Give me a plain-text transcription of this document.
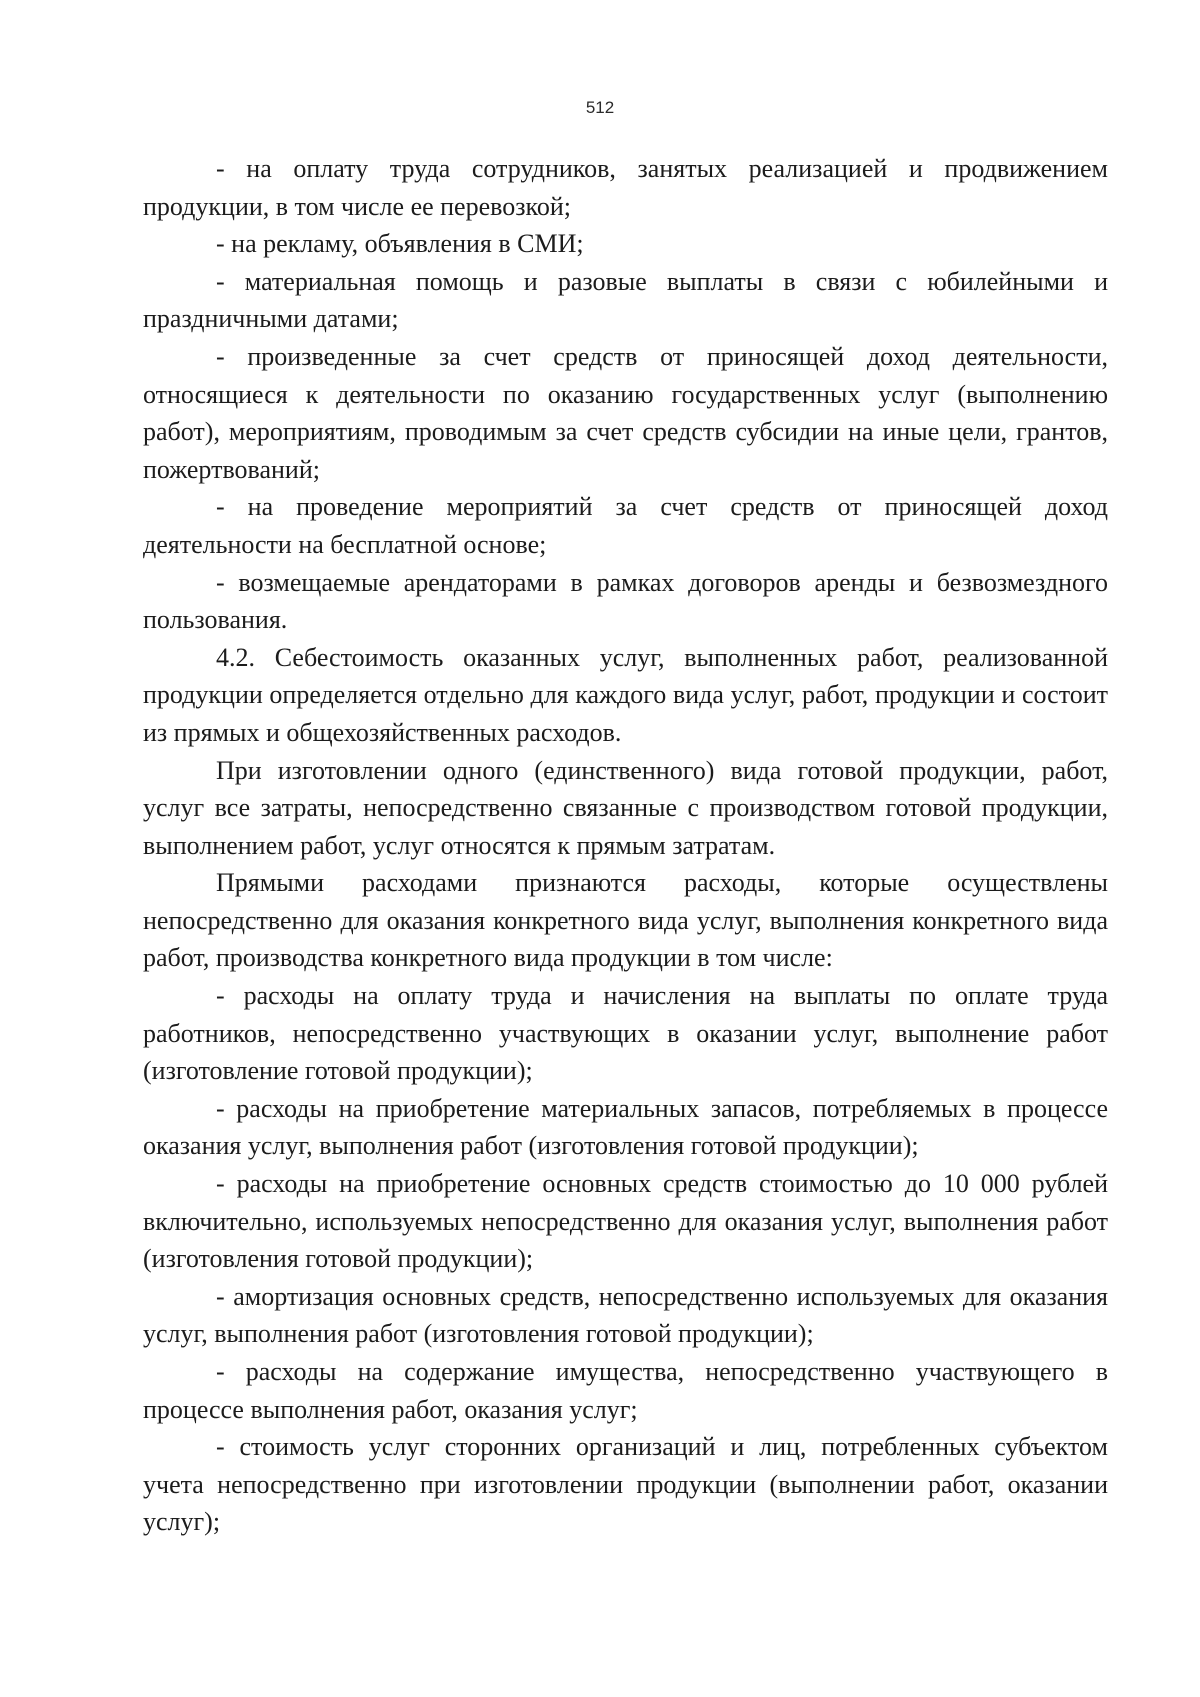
512

- на оплату труда сотрудников, занятых реализацией и продвижением продукции, в том числе ее перевозкой;

- на рекламу, объявления в СМИ;

- материальная помощь и разовые выплаты в связи с юбилейными и праздничными датами;

- произведенные за счет средств от приносящей доход деятельности, относящиеся к деятельности по оказанию государственных услуг (выполнению работ), мероприятиям, проводимым за счет средств субсидии на иные цели, грантов, пожертвований;

- на проведение мероприятий за счет средств от приносящей доход деятельности на бесплатной основе;

- возмещаемые арендаторами в рамках договоров аренды и безвозмездного пользования.

4.2. Себестоимость оказанных услуг, выполненных работ, реализованной продукции определяется отдельно для каждого вида услуг, работ, продукции и состоит из прямых и общехозяйственных расходов.

При изготовлении одного (единственного) вида готовой продукции, работ, услуг все затраты, непосредственно связанные с производством готовой продукции, выполнением работ, услуг относятся к прямым затратам.

Прямыми расходами признаются расходы, которые осуществлены непосредственно для оказания конкретного вида услуг, выполнения конкретного вида работ, производства конкретного вида продукции в том числе:

- расходы на оплату труда и начисления на выплаты по оплате труда работников, непосредственно участвующих в оказании услуг, выполнение работ (изготовление готовой продукции);

- расходы на приобретение материальных запасов, потребляемых в процессе оказания услуг, выполнения работ (изготовления готовой продукции);

- расходы на приобретение основных средств стоимостью до 10 000 рублей включительно, используемых непосредственно для оказания услуг, выполнения работ (изготовления готовой продукции);

- амортизация основных средств, непосредственно используемых для оказания услуг, выполнения работ (изготовления готовой продукции);

- расходы на содержание имущества, непосредственно участвующего в процессе выполнения работ, оказания услуг;

- стоимость услуг сторонних организаций и лиц, потребленных субъектом учета непосредственно при изготовлении продукции (выполнении работ, оказании услуг);
